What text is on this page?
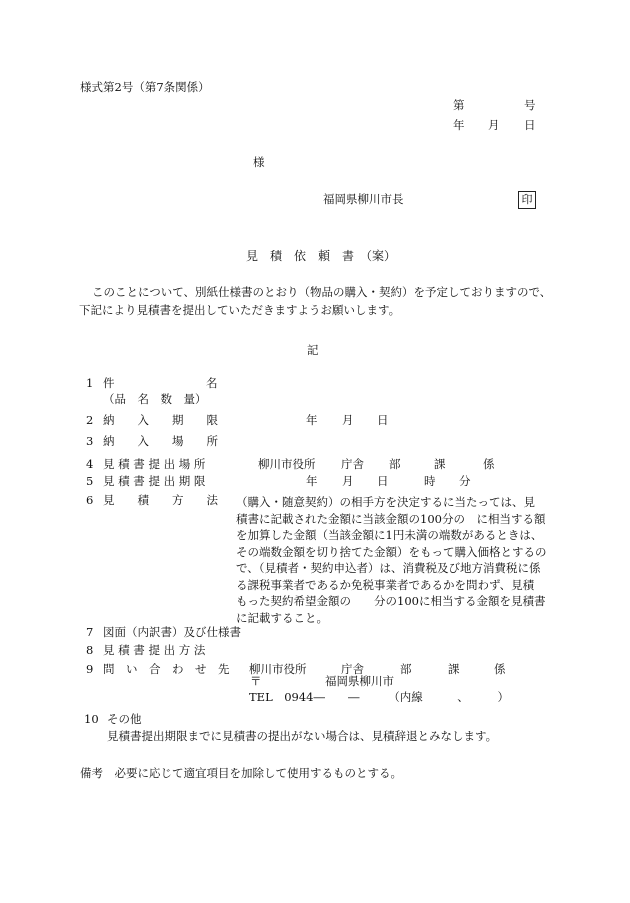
様式第2号（第7条関係）
第	号
年 月 日
様
福岡県柳川市長	印
見　積　依　頼　書　（案）
このことについて、別紙仕様書のとおり（物品の購入・契約）を予定しておりますので、
下記により見積書を提出していただきますようお願いします。
記
1 件	名
（品　名　数　量）
2 納　　入　　期　　限	年 月 日
3 納　　入　　場　　所
4 見 積 書 提 出 場 所	柳川市役所 庁舎 部	課	係
5 見 積 書 提 出 期 限	年 月 日	時 分
6 見　　積　　方　　法 （購入・随意契約）の相手方を決定するに当たっては、見
積書に記載された金額に当該金額の100分の　に相当する額
を加算した金額（当該金額に1円未満の端数があるときは、
その端数金額を切り捨てた金額）をもって購入価格とするの
で、（見積者・契約申込者）は、消費税及び地方消費税に係
る課税事業者であるか免税事業者であるかを問わず、見積
もった契約希望金額の　　分の100に相当する金額を見積書
に記載すること。
7 図面（内訳書）及び仕様書
8 見 積 書 提 出 方 法
9 問　い　合　わ　せ　先 柳川市役所	庁舎	部	課	係
〒	福岡県柳川市
TEL　0944―　　―　　　（内線　　　、　　　）
10 その他
見積書提出期限までに見積書の提出がない場合は、見積辞退とみなします。
備考　必要に応じて適宜項目を加除して使用するものとする。
